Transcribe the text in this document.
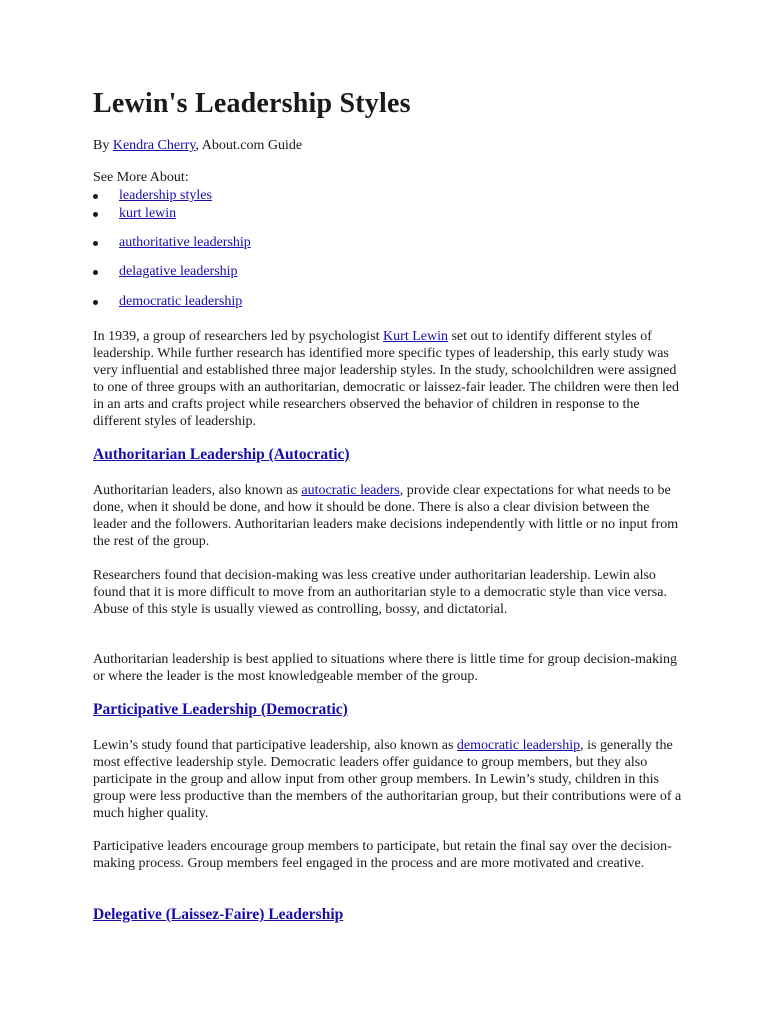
Lewin's Leadership Styles
By Kendra Cherry, About.com Guide
See More About:
leadership styles
kurt lewin
authoritative leadership
delagative leadership
democratic leadership

In 1939, a group of researchers led by psychologist Kurt Lewin set out to identify different styles of leadership. While further research has identified more specific types of leadership, this early study was very influential and established three major leadership styles. In the study, schoolchildren were assigned to one of three groups with an authoritarian, democratic or laissez-fair leader. The children were then led in an arts and crafts project while researchers observed the behavior of children in response to the different styles of leadership.

Authoritarian Leadership (Autocratic)

Authoritarian leaders, also known as autocratic leaders, provide clear expectations for what needs to be done, when it should be done, and how it should be done. There is also a clear division between the leader and the followers. Authoritarian leaders make decisions independently with little or no input from the rest of the group.

Researchers found that decision-making was less creative under authoritarian leadership. Lewin also found that it is more difficult to move from an authoritarian style to a democratic style than vice versa. Abuse of this style is usually viewed as controlling, bossy, and dictatorial.

Authoritarian leadership is best applied to situations where there is little time for group decision-making or where the leader is the most knowledgeable member of the group.

Participative Leadership (Democratic)

Lewin’s study found that participative leadership, also known as democratic leadership, is generally the most effective leadership style. Democratic leaders offer guidance to group members, but they also participate in the group and allow input from other group members. In Lewin’s study, children in this group were less productive than the members of the authoritarian group, but their contributions were of a much higher quality.

Participative leaders encourage group members to participate, but retain the final say over the decision-making process. Group members feel engaged in the process and are more motivated and creative.

Delegative (Laissez-Faire) Leadership
